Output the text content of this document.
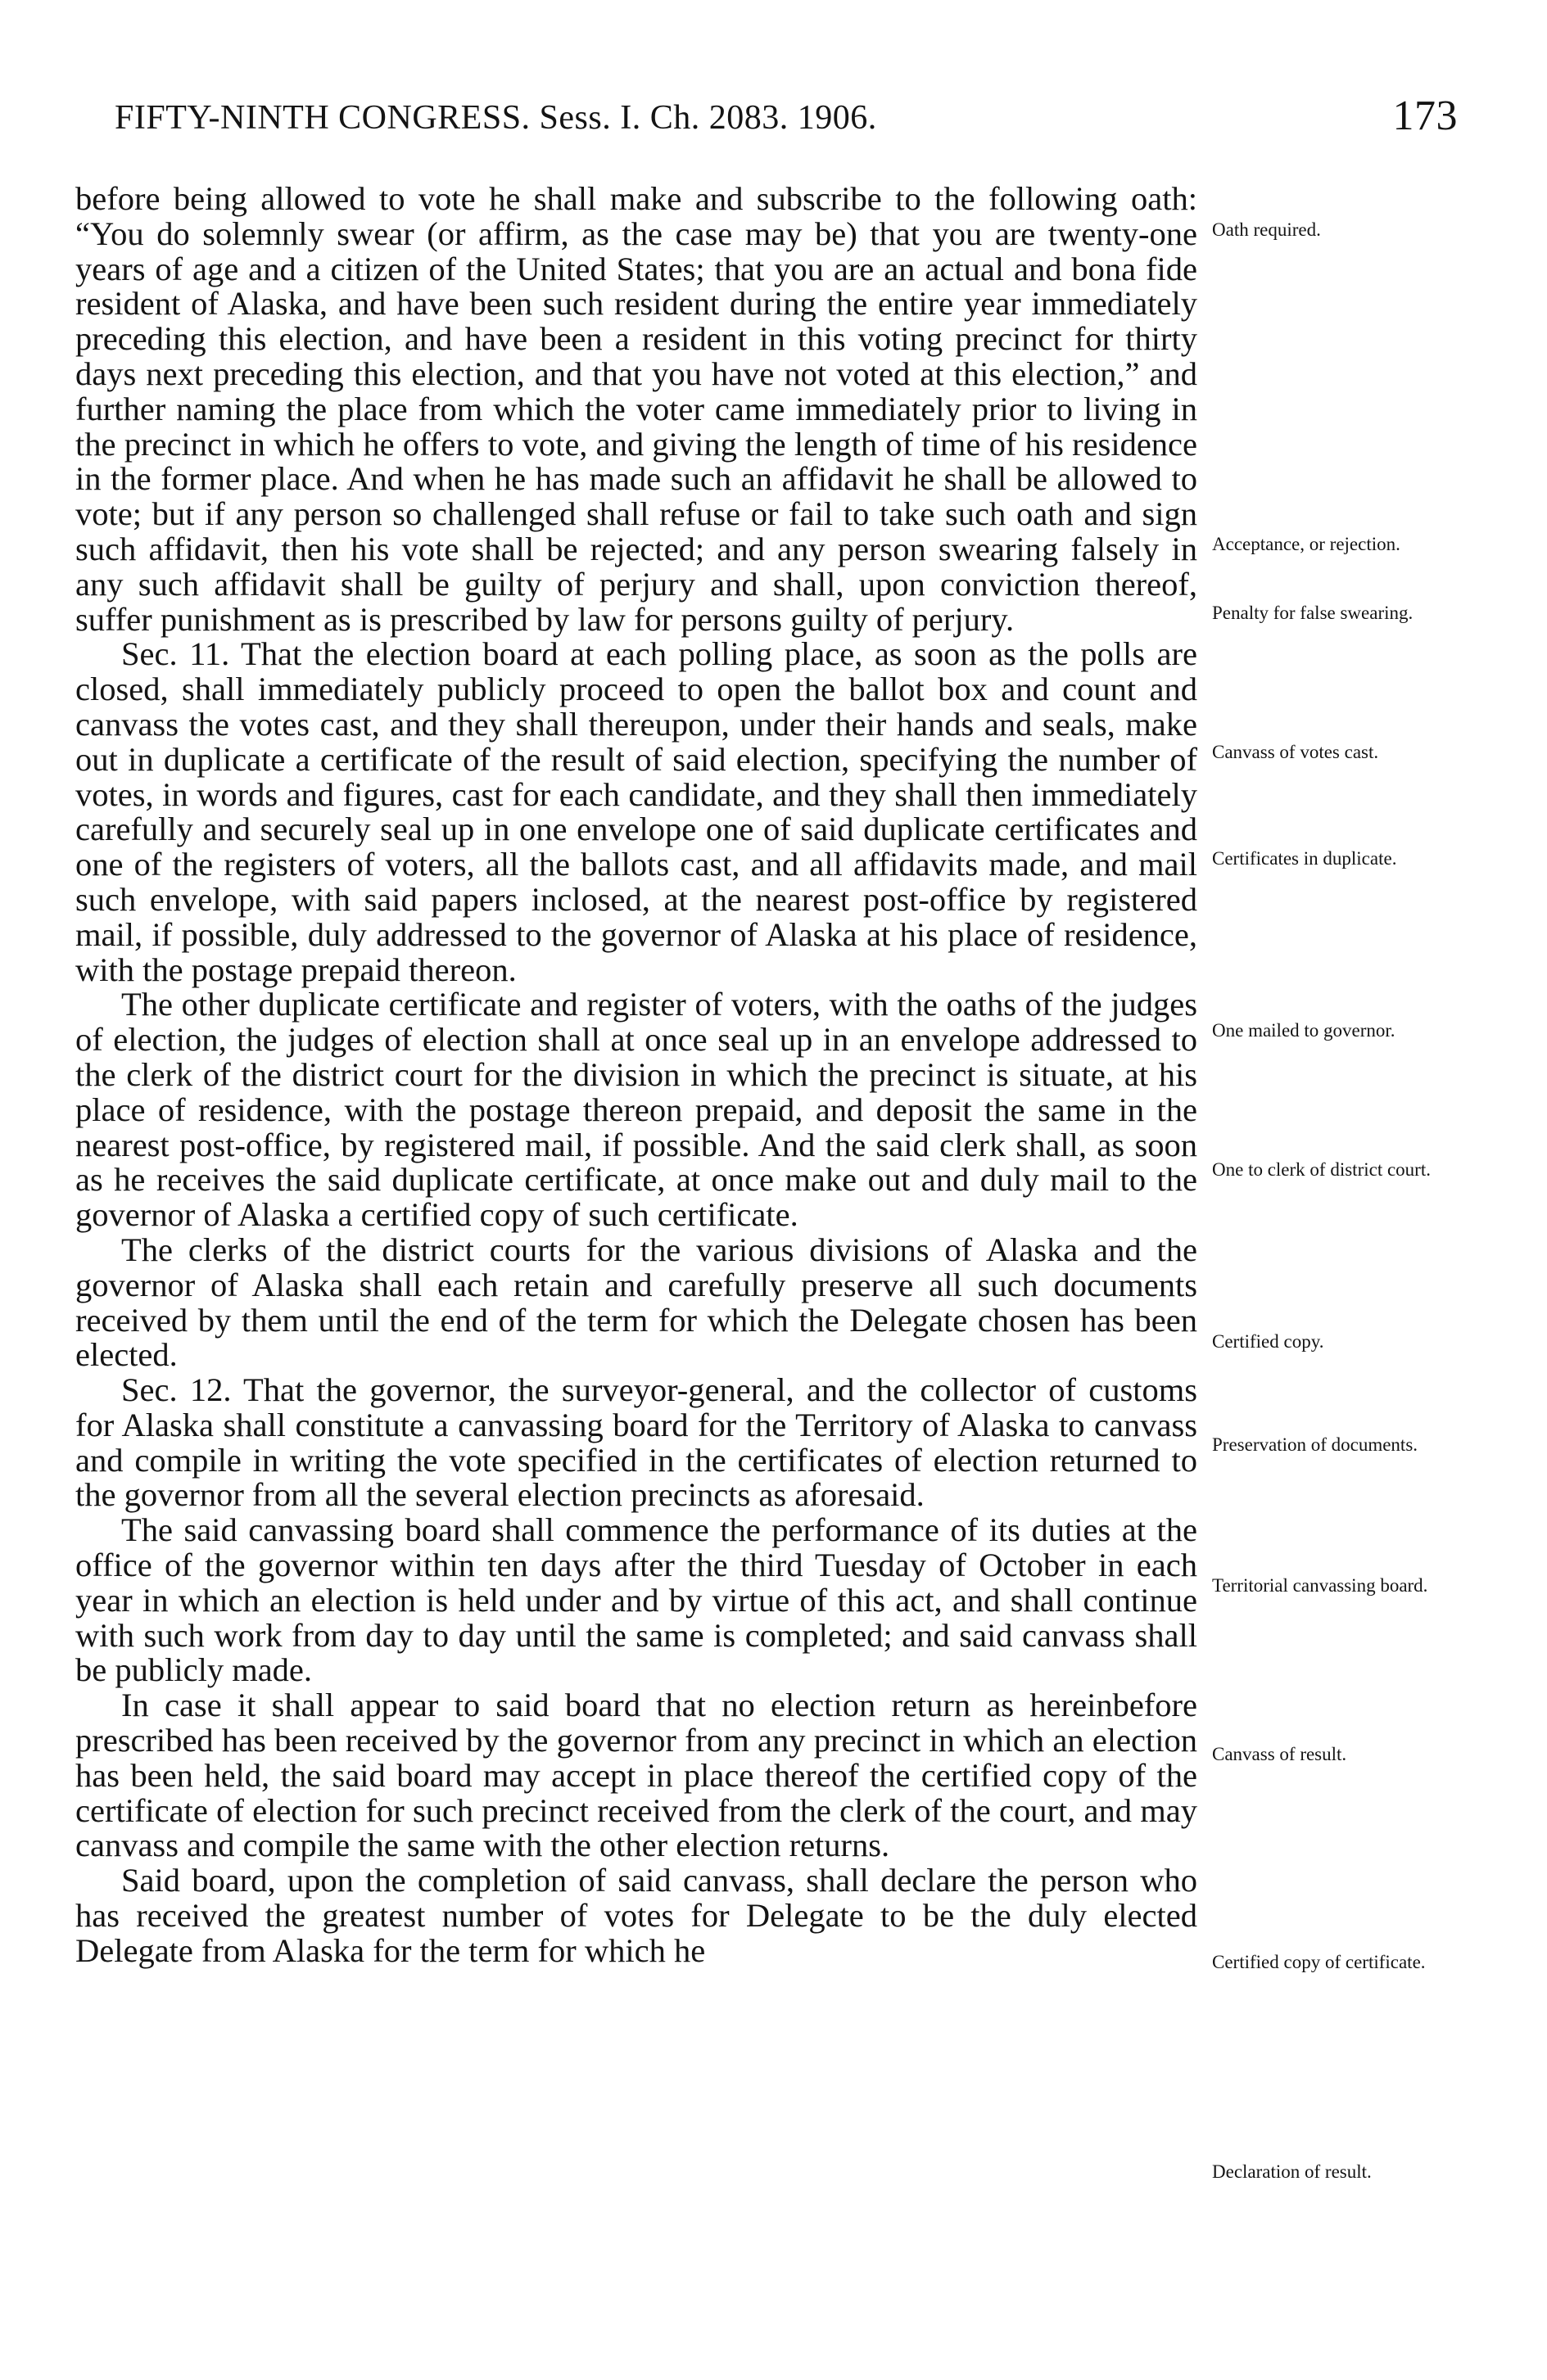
FIFTY-NINTH CONGRESS. Sess. I. Ch. 2083. 1906.	173

before being allowed to vote he shall make and subscribe to the following oath: “You do solemnly swear (or affirm, as the case may be) that you are twenty-one years of age and a citizen of the United States; that you are an actual and bona fide resident of Alaska, and have been such resident during the entire year immediately preceding this election, and have been a resident in this voting precinct for thirty days next preceding this election, and that you have not voted at this election,” and further naming the place from which the voter came immediately prior to living in the precinct in which he offers to vote, and giving the length of time of his residence in the former place. And when he has made such an affidavit he shall be allowed to vote; but if any person so challenged shall refuse or fail to take such oath and sign such affidavit, then his vote shall be rejected; and any person swearing falsely in any such affidavit shall be guilty of perjury and shall, upon conviction thereof, suffer punishment as is prescribed by law for persons guilty of perjury.

Sec. 11. That the election board at each polling place, as soon as the polls are closed, shall immediately publicly proceed to open the ballot box and count and canvass the votes cast, and they shall thereupon, under their hands and seals, make out in duplicate a certificate of the result of said election, specifying the number of votes, in words and figures, cast for each candidate, and they shall then immediately carefully and securely seal up in one envelope one of said duplicate certificates and one of the registers of voters, all the ballots cast, and all affidavits made, and mail such envelope, with said papers inclosed, at the nearest post-office by registered mail, if possible, duly addressed to the governor of Alaska at his place of residence, with the postage prepaid thereon.

The other duplicate certificate and register of voters, with the oaths of the judges of election, the judges of election shall at once seal up in an envelope addressed to the clerk of the district court for the division in which the precinct is situate, at his place of residence, with the postage thereon prepaid, and deposit the same in the nearest post-office, by registered mail, if possible. And the said clerk shall, as soon as he receives the said duplicate certificate, at once make out and duly mail to the governor of Alaska a certified copy of such certificate.

The clerks of the district courts for the various divisions of Alaska and the governor of Alaska shall each retain and carefully preserve all such documents received by them until the end of the term for which the Delegate chosen has been elected.

Sec. 12. That the governor, the surveyor-general, and the collector of customs for Alaska shall constitute a canvassing board for the Territory of Alaska to canvass and compile in writing the vote specified in the certificates of election returned to the governor from all the several election precincts as aforesaid.

The said canvassing board shall commence the performance of its duties at the office of the governor within ten days after the third Tuesday of October in each year in which an election is held under and by virtue of this act, and shall continue with such work from day to day until the same is completed; and said canvass shall be publicly made.

In case it shall appear to said board that no election return as hereinbefore prescribed has been received by the governor from any precinct in which an election has been held, the said board may accept in place thereof the certified copy of the certificate of election for such precinct received from the clerk of the court, and may canvass and compile the same with the other election returns.

Said board, upon the completion of said canvass, shall declare the person who has received the greatest number of votes for Delegate to be the duly elected Delegate from Alaska for the term for which he

Oath required.
Acceptance, or rejection.
Penalty for false swearing.
Canvass of votes cast.
Certificates in duplicate.
One mailed to governor.
One to clerk of district court.
Certified copy.
Preservation of documents.
Territorial canvassing board.
Canvass of result.
Certified copy of certificate.
Declaration of result.
